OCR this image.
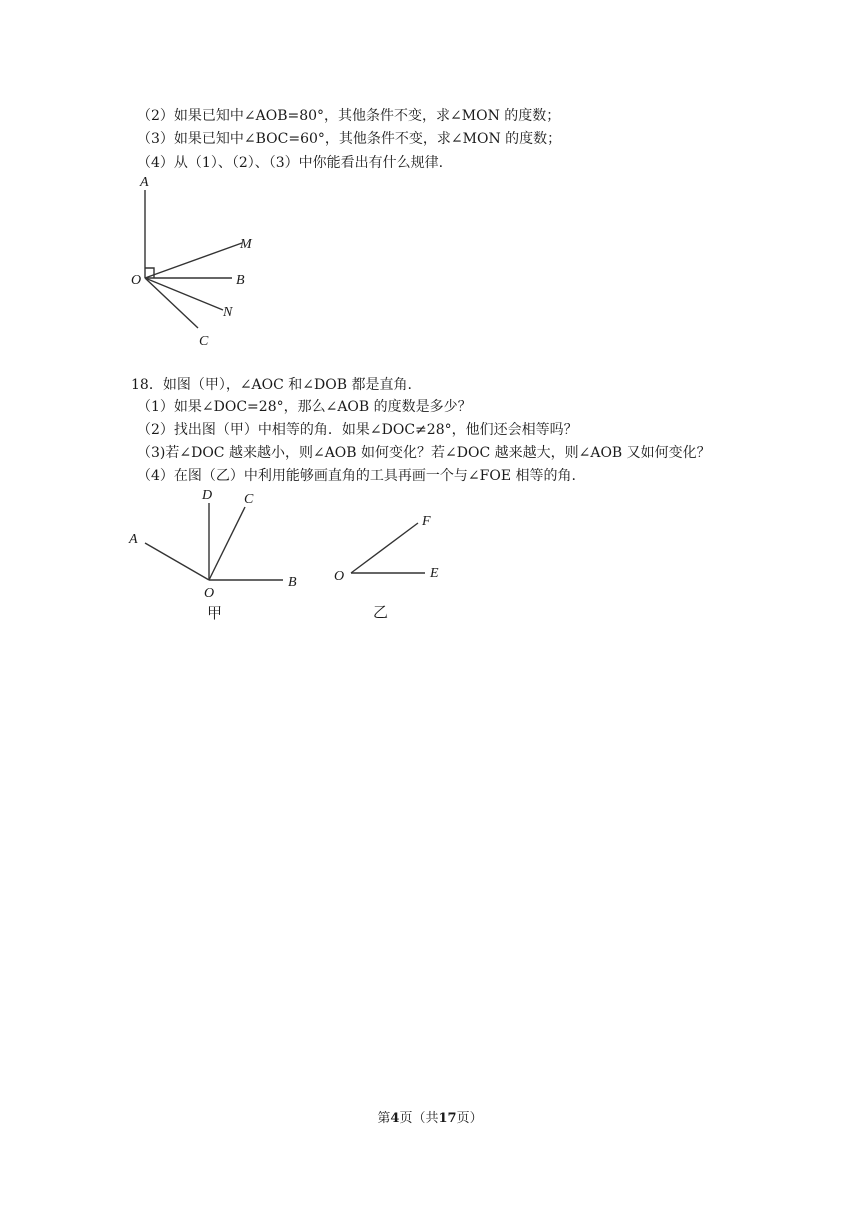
（2）如果已知中∠AOB=80°，其他条件不变，求∠MON 的度数；
（3）如果已知中∠BOC=60°，其他条件不变，求∠MON 的度数；
（4）从（1）、（2）、（3）中你能看出有什么规律.
A
M
O	B
N
C
18．如图（甲），∠AOC 和∠DOB 都是直角.
（1）如果∠DOC=28°，那么∠AOB 的度数是多少？
（2）找出图（甲）中相等的角．如果∠DOC≠28°，他们还会相等吗？
（3)若∠DOC 越来越小，则∠AOB 如何变化？若∠DOC 越来越大，则∠AOB 又如何变化？
（4）在图（乙）中利用能够画直角的工具再画一个与∠FOE 相等的角.
D C
A
O
B
甲
F
O	E
乙
第4页（共17页）
